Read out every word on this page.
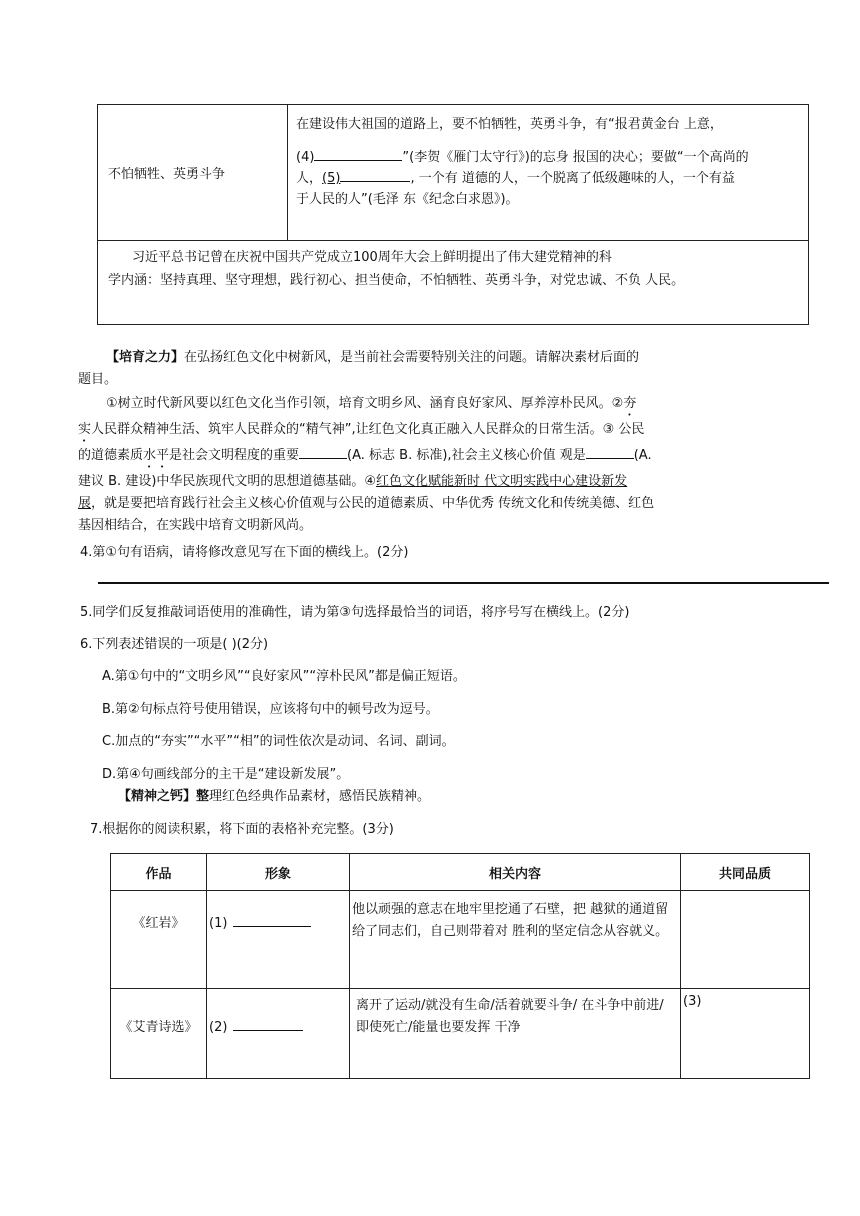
不怕牺牲、英勇斗争	
在建设伟大祖国的道路上，要不怕牺牲，英勇斗争，有“报君黄金台 上意，
(4)	”(李贺《雁门太守行》)的忘身 报国的决心；要做“一个高尚的
人，(5)	, 一个有 道德的人，一个脱离了低级趣味的人，一个有益
于人民的人”(毛泽 东《纪念白求恩》)。

习近平总书记曾在庆祝中国共产党成立100周年大会上鲜明提出了伟大建党精神的科
学内涵：坚持真理、坚守理想，践行初心、担当使命，不怕牺牲、英勇斗争，对党忠诚、不负 人民。
【培育之力】在弘扬红色文化中树新风，是当前社会需要特别关注的问题。请解决素材后面的
题目。
①树立时代新风要以红色文化当作引领，培育文明乡风、涵育良好家风、厚养淳朴民风。②夯
实人民群众精神生活、筑牢人民群众的“精气神”,让红色文化真正融入人民群众的日常生活。③ 公民
的道德素质水平是社会文明程度的重要	(A. 标志 B. 标准),社会主义核心价值 观是	(A.
建议 B. 建设)中华民族现代文明的思想道德基础。④红色文化赋能新时 代文明实践中心建设新发
展，就是要把培育践行社会主义核心价值观与公民的道德素质、中华优秀 传统文化和传统美德、红色
基因相结合，在实践中培育文明新风尚。
4.第①句有语病，请将修改意见写在下面的横线上。(2分)
5.同学们反复推敲词语使用的准确性，请为第③句选择最恰当的词语，将序号写在横线上。(2分)
6.下列表述错误的一项是( )(2分)
A.第①句中的“文明乡风”“良好家风”“淳朴民风”都是偏正短语。
B.第②句标点符号使用错误，应该将句中的顿号改为逗号。
C.加点的“夯实”“水平”“相”的词性依次是动词、名词、副词。
D.第④句画线部分的主干是“建设新发展”。
【精神之钙】整理红色经典作品素材，感悟民族精神。
7.根据你的阅读积累，将下面的表格补充完整。(3分)
作品	形象	相关内容	共同品质
《红岩》	(1)	他以顽强的意志在地牢里挖通了石壁，把 越狱的通道留给了同志们，自己则带着对 胜利的坚定信念从容就义。	
《艾青诗选》	(2)	离开了运动/就没有生命/活着就要斗争/ 在斗争中前进/即使死亡/能量也要发挥 干净	(3)
